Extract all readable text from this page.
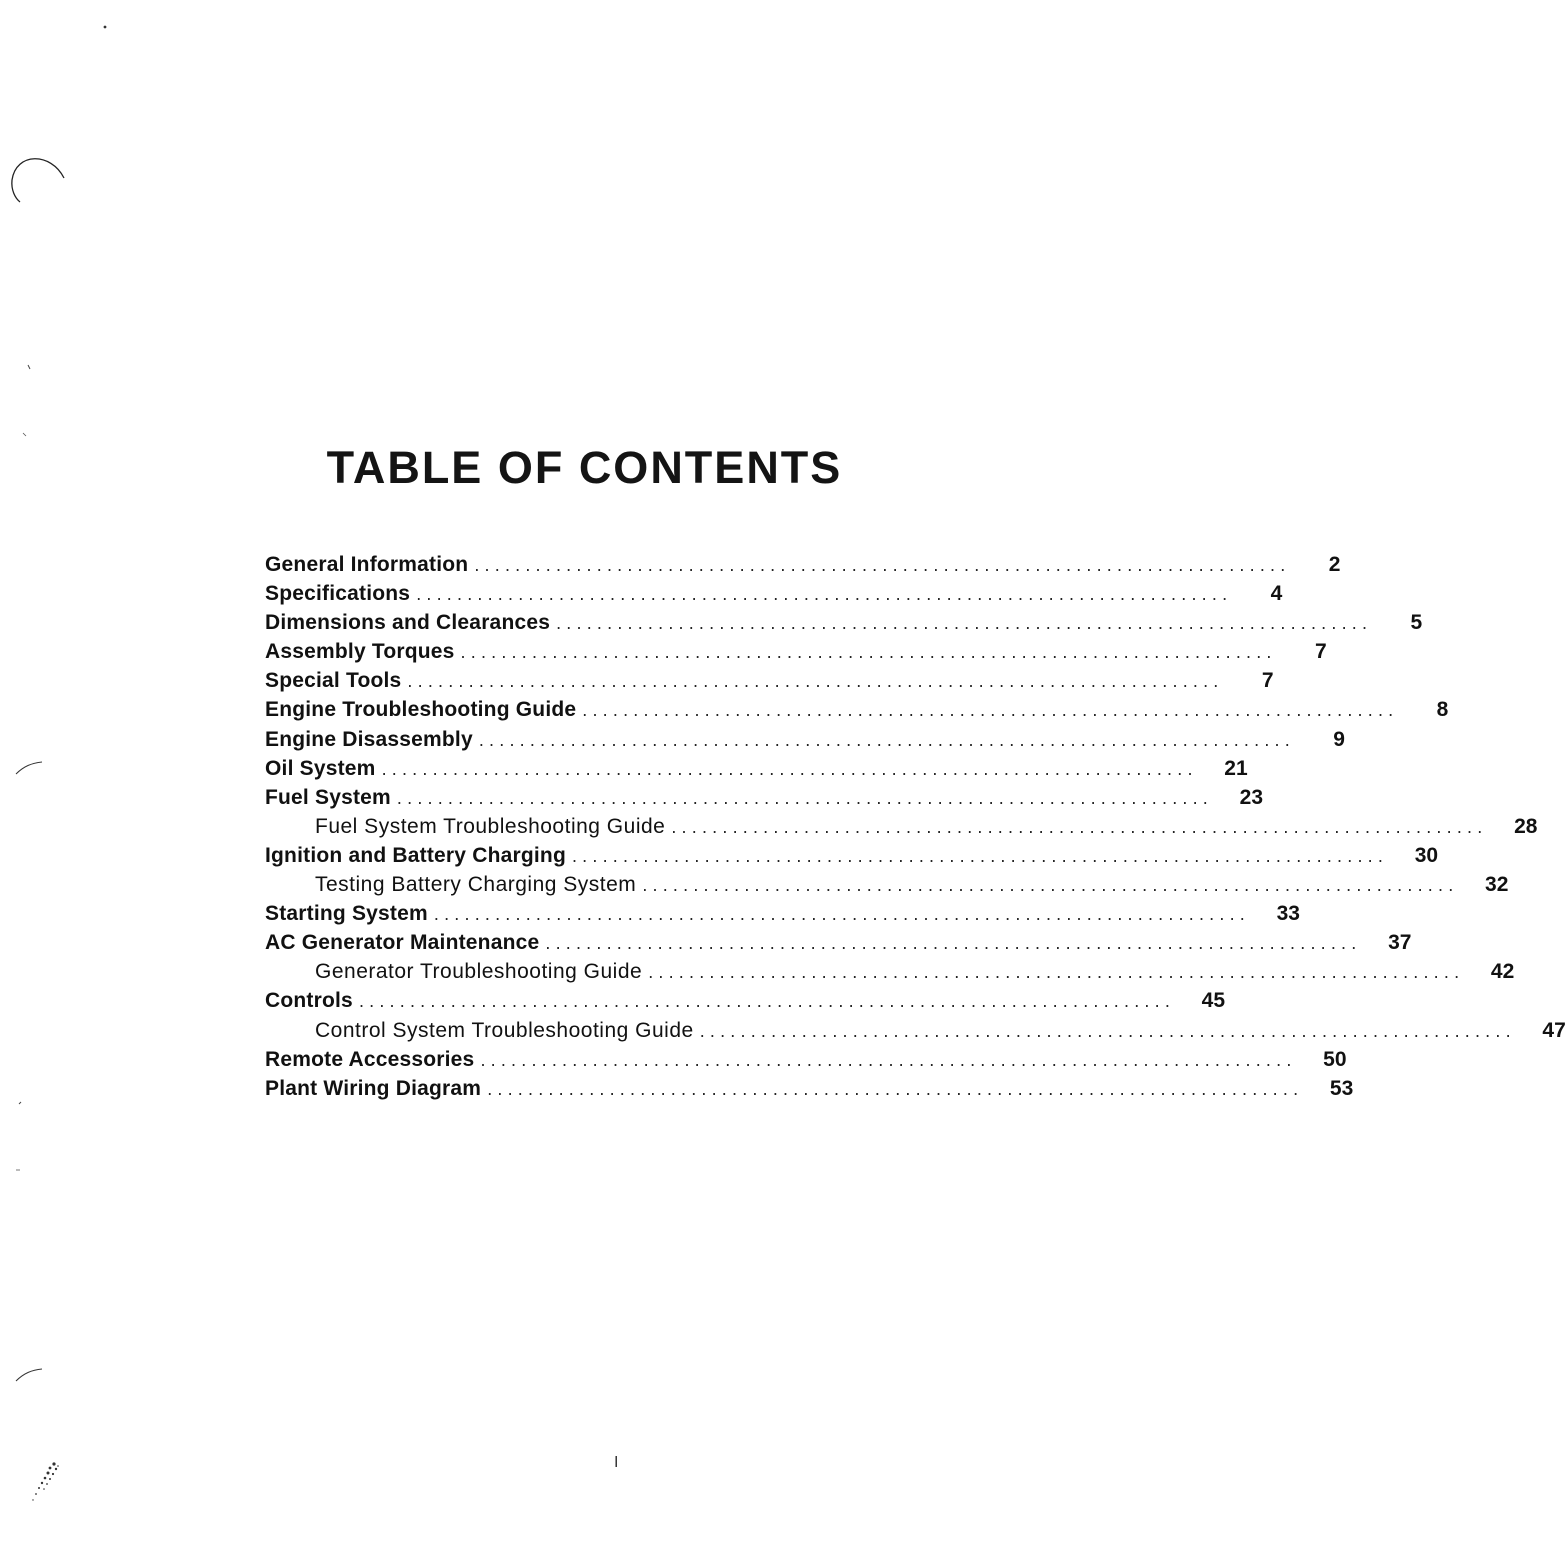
TABLE OF CONTENTS
General Information ................................................................................	2
Specifications ................................................................................	4
Dimensions and Clearances ................................................................................	5
Assembly Torques ................................................................................	7
Special Tools ................................................................................	7
Engine Troubleshooting Guide ................................................................................	8
Engine Disassembly ................................................................................	9
Oil System ................................................................................	21
Fuel System ................................................................................	23
Fuel System Troubleshooting Guide ................................................................................	28
Ignition and Battery Charging ................................................................................	30
Testing Battery Charging System ................................................................................	32
Starting System ................................................................................	33
AC Generator Maintenance ................................................................................	37
Generator Troubleshooting Guide ................................................................................	42
Controls ................................................................................	45
Control System Troubleshooting Guide ................................................................................	47
Remote Accessories ................................................................................	50
Plant Wiring Diagram ................................................................................	53
I
